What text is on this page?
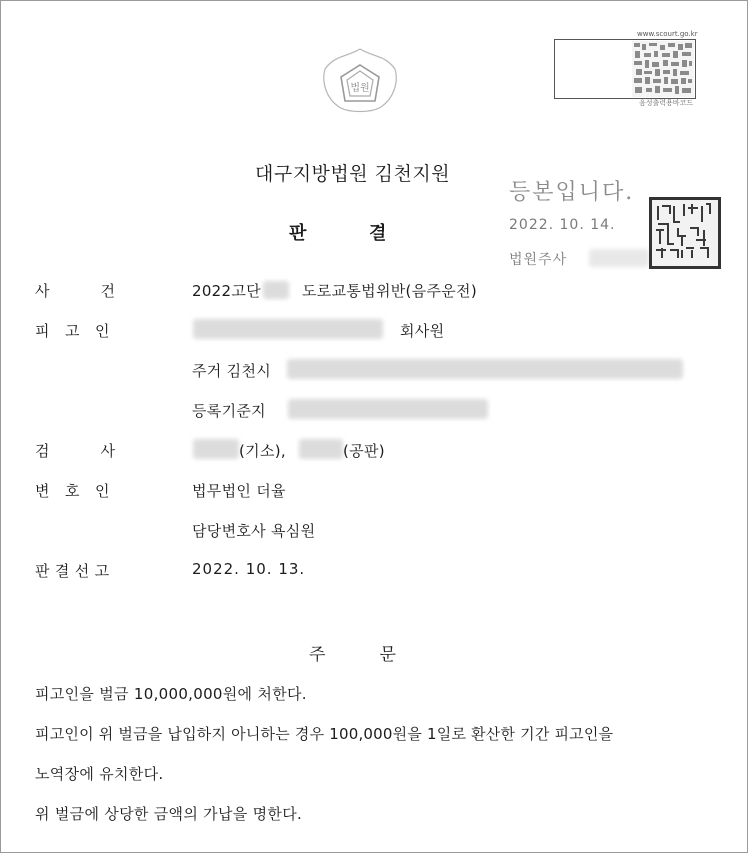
법원
www.scourt.go.kr
음성출력용바코드
대구지방법원 김천지원
판          결
등본입니다.
2022. 10. 14.
법원주사
사          건	2022고단	도로교통법위반(음주운전)
피   고   인	회사원
주거 김천시
등록기준지
검          사	(기소),	(공판)
변   호   인	법무법인 더율
담당변호사 욕심원
판 결 선 고	2022. 10. 13.
주          문
피고인을 벌금 10,000,000원에 처한다.
피고인이 위 벌금을 납입하지 아니하는 경우 100,000원을 1일로 환산한 기간 피고인을
노역장에 유치한다.
위 벌금에 상당한 금액의 가납을 명한다.
